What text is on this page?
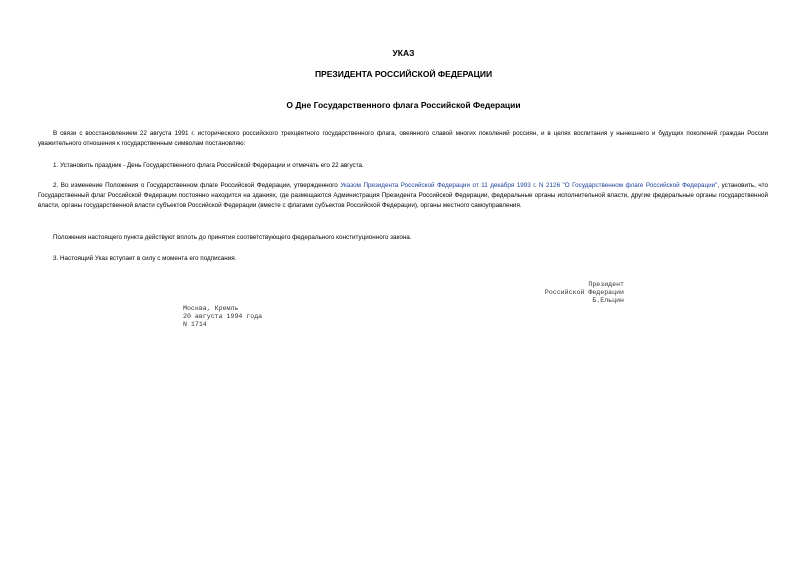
УКАЗ
ПРЕЗИДЕНТА РОССИЙСКОЙ ФЕДЕРАЦИИ
О Дне Государственного флага Российской Федерации
В связи с восстановлением 22 августа 1991 г. исторического российского трехцветного государственного флага, овеянного славой многих поколений россиян, и в целях воспитания у нынешнего и будущих поколений граждан России уважительного отношения к государственным символам постановляю:
1. Установить праздник - День Государственного флага Российской Федерации и отмечать его 22 августа.
2. Во изменение Положения о Государственном флаге Российской Федерации, утвержденного Указом Президента Российской Федерации от 11 декабря 1993 г. N 2126 "О Государственном флаге Российской Федерации", установить, что Государственный флаг Российской Федерации постоянно находится на зданиях, где размещаются Администрация Президента Российской Федерации, федеральные органы исполнительной власти, другие федеральные органы государственной власти, органы государственной власти субъектов Российской Федерации (вместе с флагами субъектов Российской Федерации), органы местного самоуправления.
Положения настоящего пункта действуют вплоть до принятия соответствующего федерального конституционного закона.
3. Настоящий Указ вступает в силу с момента его подписания.
Президент
Российской Федерации
Б.Ельцин
Москва, Кремль
20 августа 1994 года
N 1714
